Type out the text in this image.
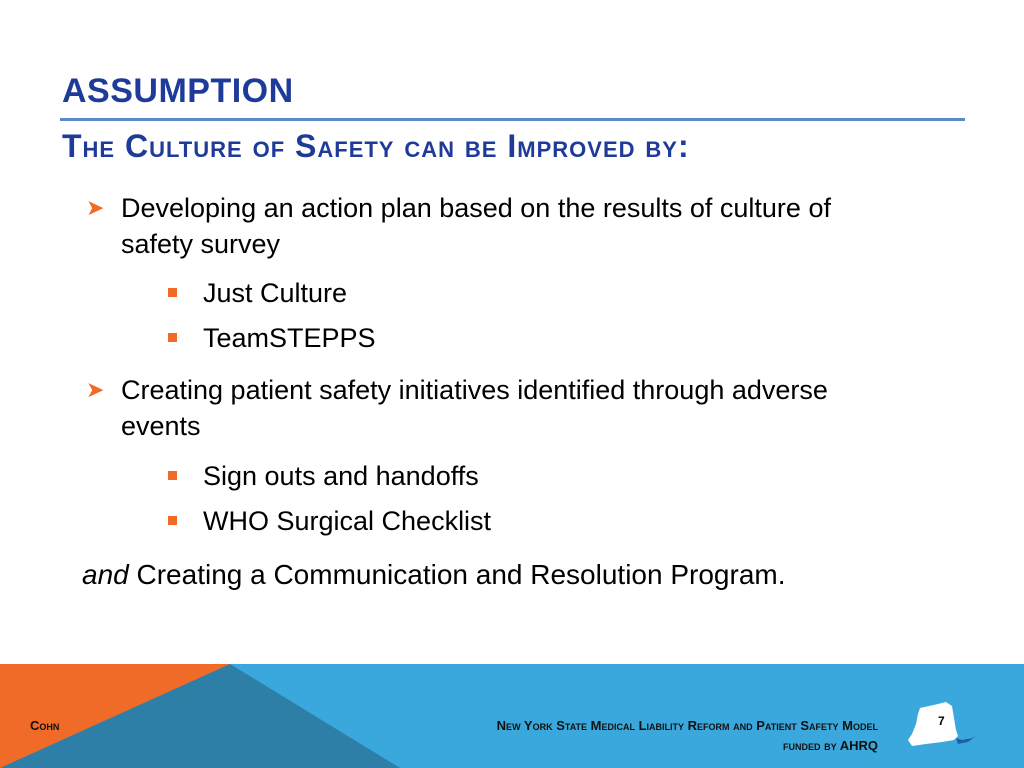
ASSUMPTION
The Culture of Safety can be Improved by:
➤ Developing an action plan based on the results of culture of safety survey
Just Culture
TeamSTEPPS
➤ Creating patient safety initiatives identified through adverse events
Sign outs and handoffs
WHO Surgical Checklist
and Creating a Communication and Resolution Program.
Cohn	New York State Medical Liability Reform and Patient Safety Model
funded by AHRQ
7
